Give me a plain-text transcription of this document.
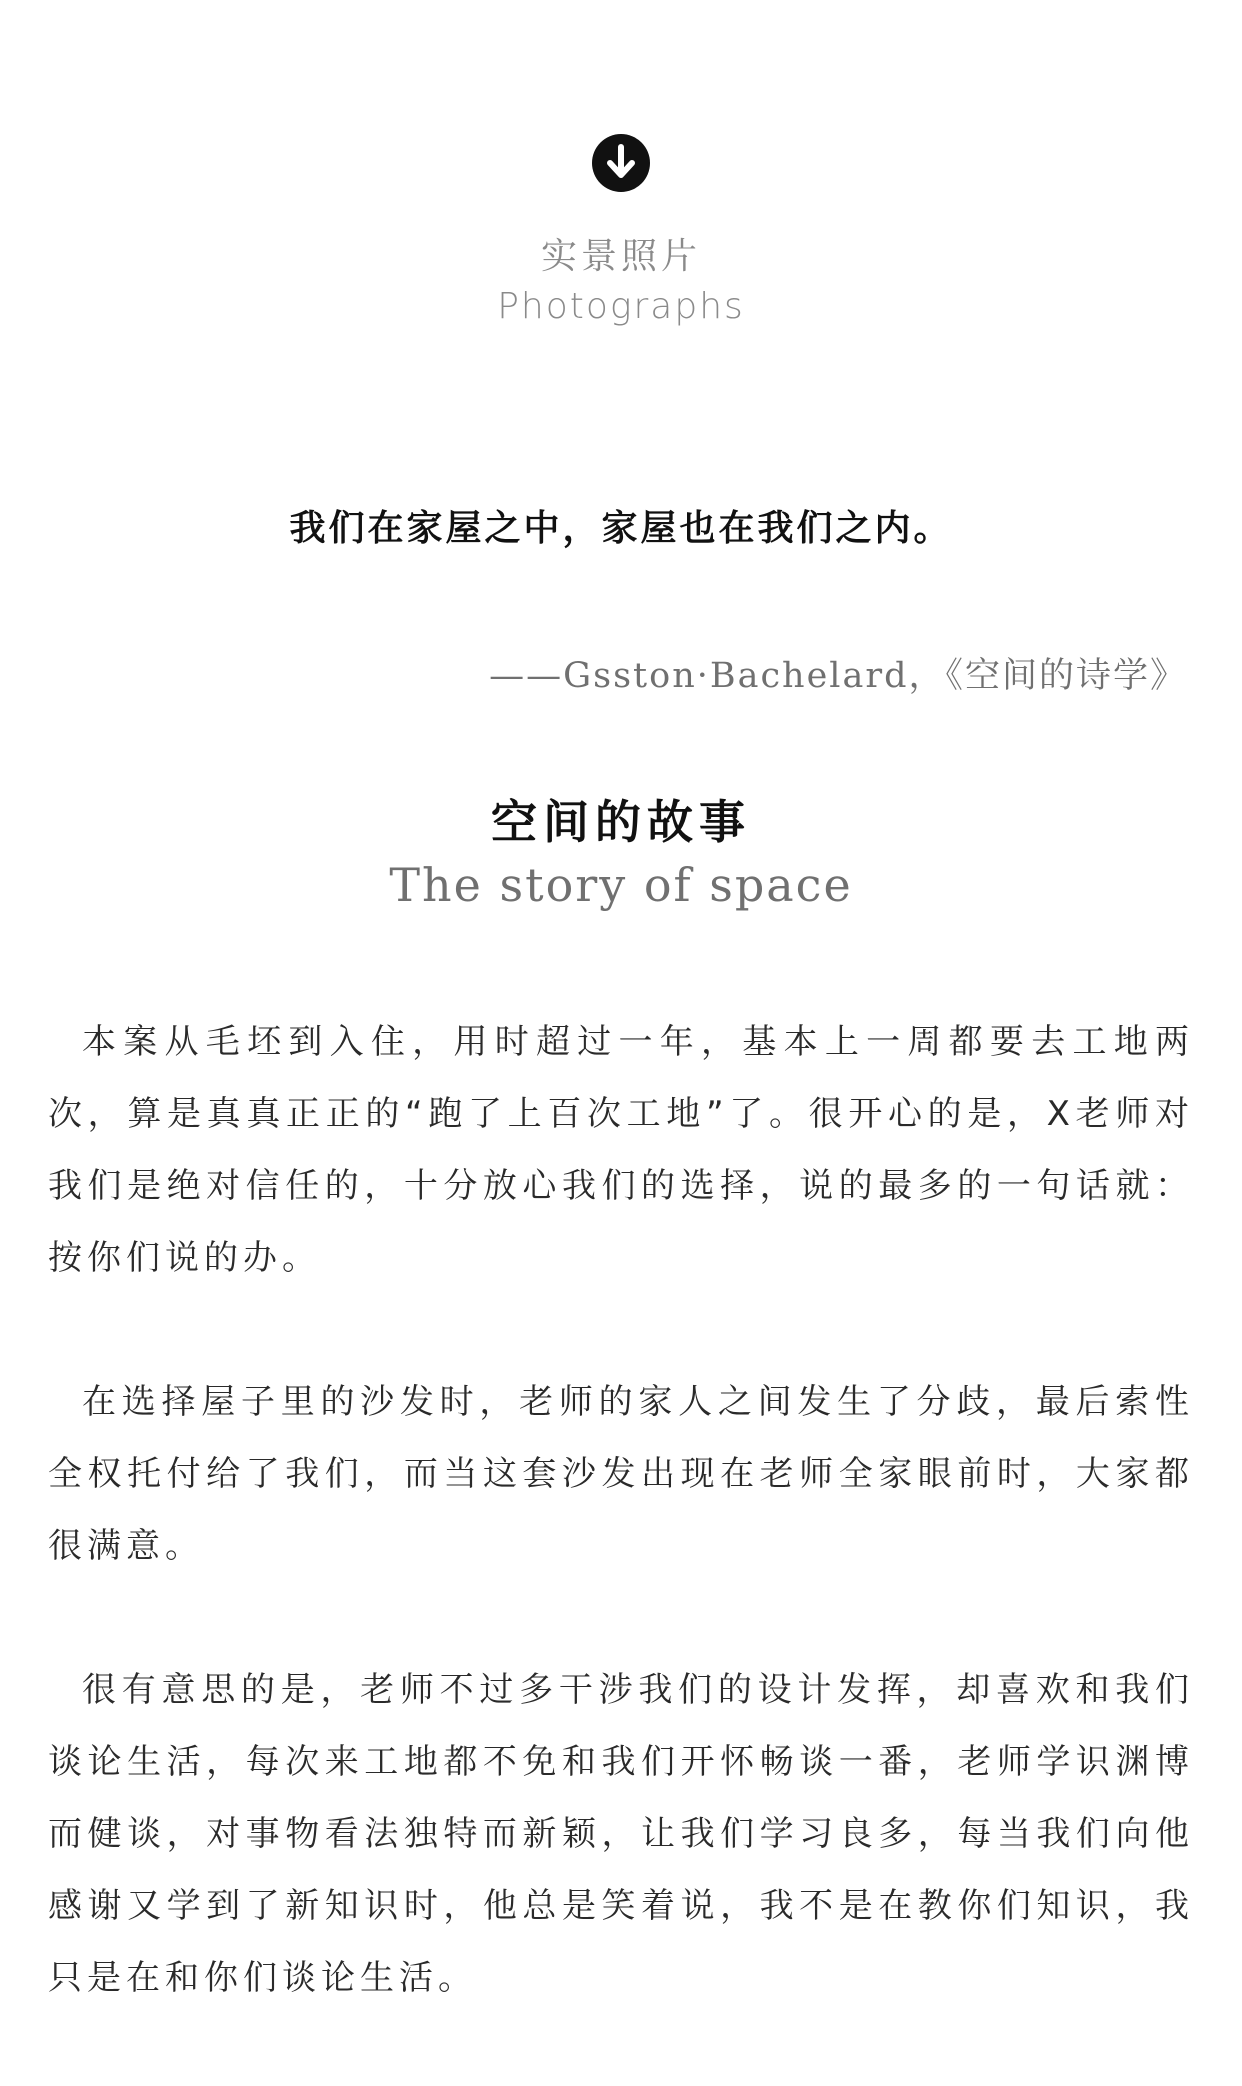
实景照片
Photographs
我们在家屋之中，家屋也在我们之内。
——Gsston·Bachelard，《空间的诗学》
空间的故事
The story of space

本案从毛坯到入住，用时超过一年，基本上一周都要去工地两次，算是真真正正的“跑了上百次工地”了。很开心的是，X老师对我们是绝对信任的，十分放心我们的选择，说的最多的一句话就：按你们说的办。

在选择屋子里的沙发时，老师的家人之间发生了分歧，最后索性全权托付给了我们，而当这套沙发出现在老师全家眼前时，大家都很满意。

很有意思的是，老师不过多干涉我们的设计发挥，却喜欢和我们谈论生活，每次来工地都不免和我们开怀畅谈一番，老师学识渊博而健谈，对事物看法独特而新颖，让我们学习良多，每当我们向他感谢又学到了新知识时，他总是笑着说，我不是在教你们知识，我只是在和你们谈论生活。
